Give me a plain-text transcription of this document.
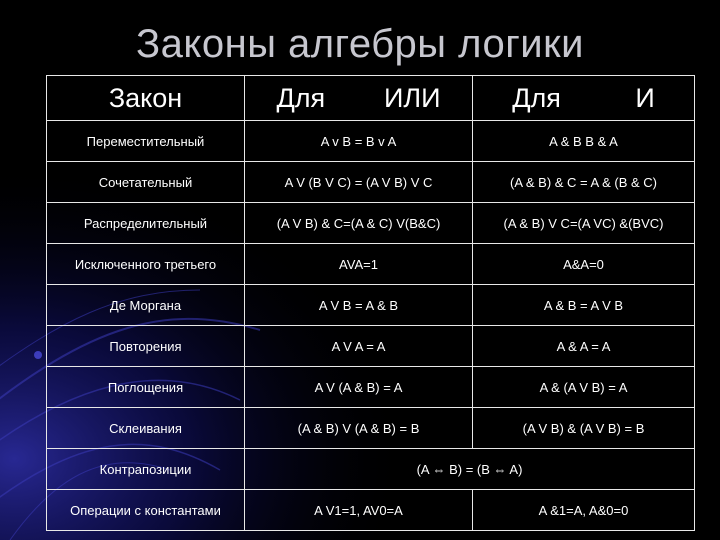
Законы алгебры логики
Закон	Для ИЛИ	Для И

Переместительный	A v B = B v A	A & B B & A
Сочетательный	A V (B V C) = (A V B) V C	(A & B) & C = A & (B & C)
Распределительный	(A V B) & C=(A & C) V(B&C)	(A & B) V C=(A VC) &(BVC)
Исключенного третьего	AVA=1	A&A=0
Де Моргана	A V B = A & B	A & B = A V B
Повторения	A V A = A	A & A = A
Поглощения	A V (A & B) = A	A & (A V B) = A
Склеивания	(A & B) V (A & B) = B	(A V B) & (A V B) = B
Контрапозиции	(A ⇔ B) = (B ⇔ A)	
Операции с константами	A V1=1, AV0=A	A &1=A, A&0=0
